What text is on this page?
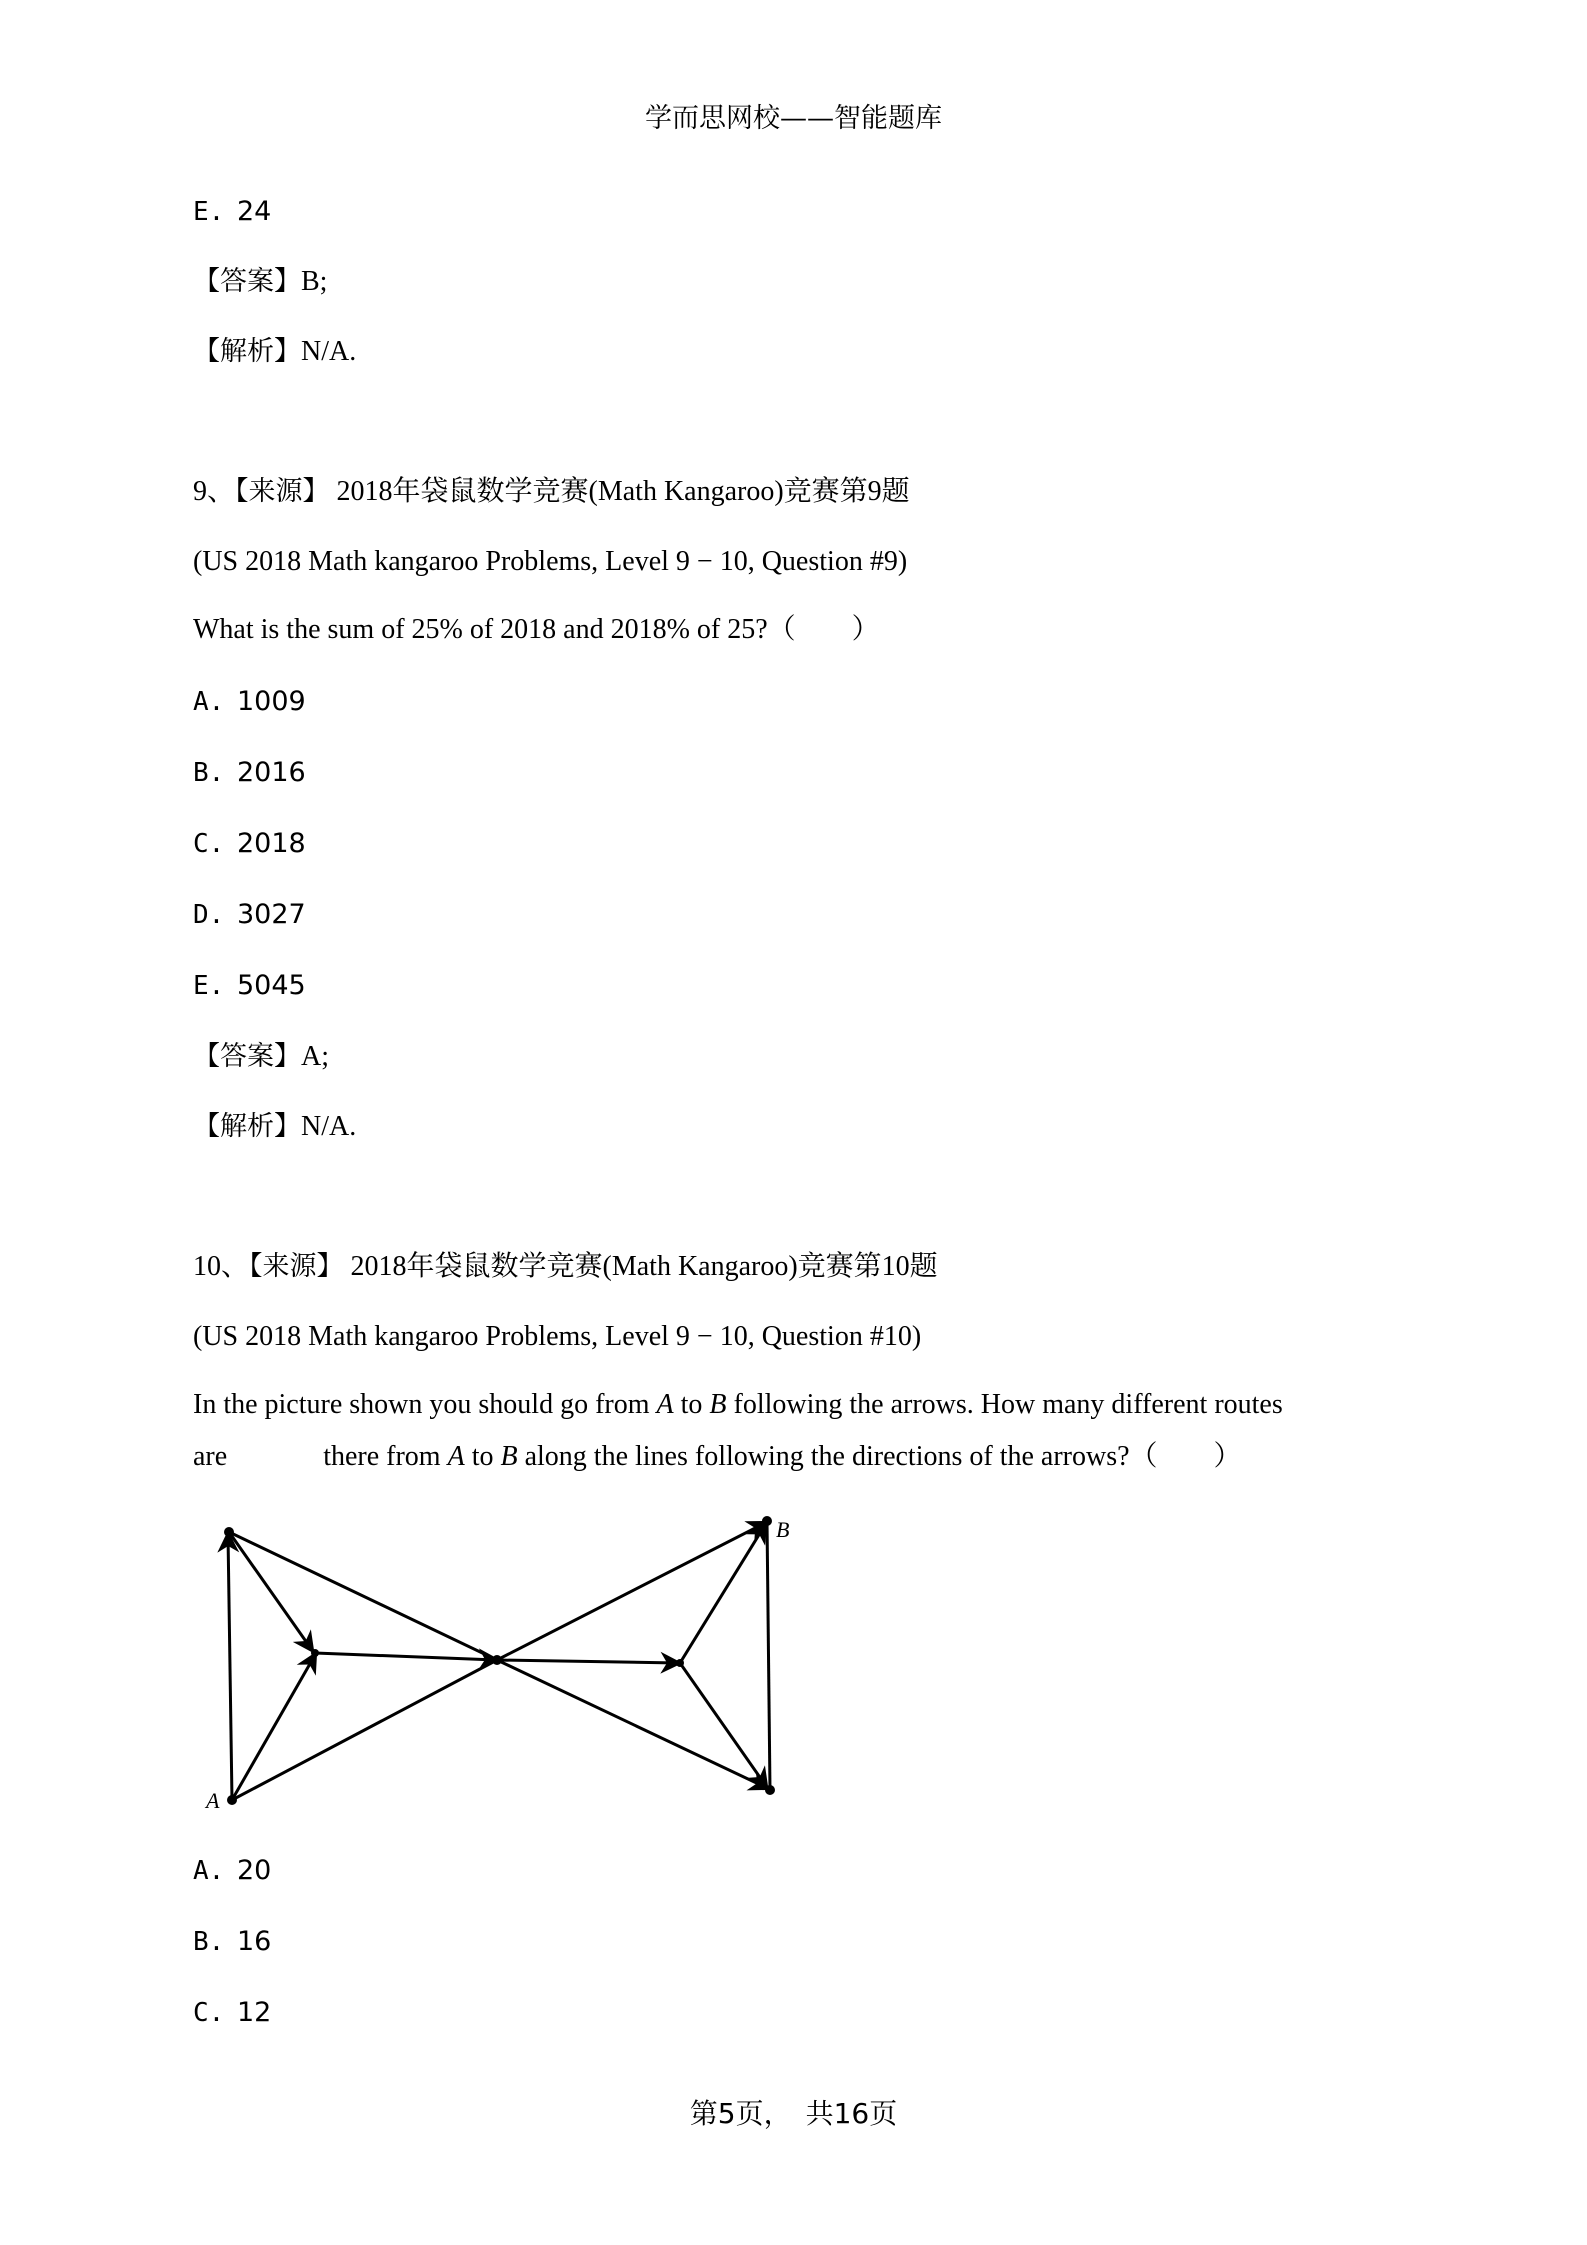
学而思网校——智能题库
E. 24
【答案】B;
【解析】N/A.
9、【来源】 2018年袋鼠数学竞赛(Math Kangaroo)竞赛第9题
(US 2018 Math kangaroo Problems, Level 9 − 10, Question #9)
What is the sum of 25% of 2018 and 2018% of 25?（　　）
A. 1009
B. 2016
C. 2018
D. 3027
E. 5045
【答案】A;
【解析】N/A.
10、【来源】 2018年袋鼠数学竞赛(Math Kangaroo)竞赛第10题
(US 2018 Math kangaroo Problems, Level 9 − 10, Question #10)
In the picture shown you should go from A to B following the arrows. How many different routes
are	there from A to B along the lines following the directions of the arrows?（　　）
A
B
A. 20
B. 16
C. 12
第5页，　共16页
